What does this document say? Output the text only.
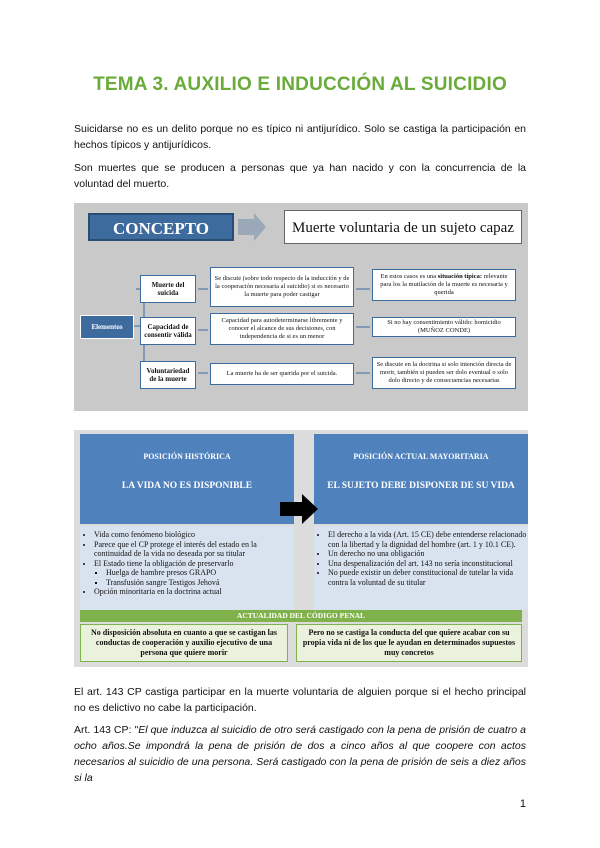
TEMA 3. AUXILIO E INDUCCIÓN AL SUICIDIO
Suicidarse no es un delito porque no es típico ni antijurídico. Solo se castiga la participación en hechos típicos y antijurídicos.
Son muertes que se producen a personas que ya han nacido y con la concurrencia de la voluntad del muerto.
CONCEPTO	Muerte voluntaria de un sujeto capaz
Elementos
Muerte del suicida
Capacidad de consentir válida
Voluntariedad de la muerte
Se discute (sobre todo respecto de la inducción y de la cooperación necesaria al suicidio) si es necesario la muerte para poder castigar
Capacidad para autodeterminarse libremente y conocer el alcance de sus decisiones, con independencia de si es un menor
La muerte ha de ser querida por el suicida.
En estos casos es una situación típica: relevante para los la mutilación de la muerte es necesaria y querida
Si no hay consentimiento válido: homicidio (MUÑOZ CONDE)
Se discute en la doctrina si solo intención directa de morir, también si pueden ser dolo eventual o solo dolo directo y de consecuencias necesarias
POSICIÓN HISTÓRICA
LA VIDA NO ES DISPONIBLE
POSICIÓN ACTUAL MAYORITARIA
EL SUJETO DEBE DISPONER DE SU VIDA
• Vida como fenómeno biológico
• Parece que el CP protege el interés del estado en la continuidad de la vida no deseada por su titular
• El Estado tiene la obligación de preservarlo
▪ Huelga de hambre presos GRAPO
▪ Transfusión sangre Testigos Jehová
• Opción minoritaria en la doctrina actual
• El derecho a la vida (Art. 15 CE) debe entenderse relacionado con la libertad y la dignidad del hombre (art. 1 y 10.1 CE).
• Un derecho no una obligación
• Una despenalización del art. 143 no sería inconstitucional
• No puede existir un deber constitucional de tutelar la vida contra la voluntad de su titular
ACTUALIDAD DEL CÓDIGO PENAL
No disposición absoluta en cuanto a que se castigan las conductas de cooperación y auxilio ejecutivo de una persona que quiere morir
Pero no se castiga la conducta del que quiere acabar con su propia vida ni de los que le ayudan en determinados supuestos muy concretos
El art. 143 CP castiga participar en la muerte voluntaria de alguien porque si el hecho principal no es delictivo no cabe la participación.
Art. 143 CP: "El que induzca al suicidio de otro será castigado con la pena de prisión de cuatro a ocho años.Se impondrá la pena de prisión de dos a cinco años al que coopere con actos necesarios al suicidio de una persona. Será castigado con la pena de prisión de seis a diez años si la
1
